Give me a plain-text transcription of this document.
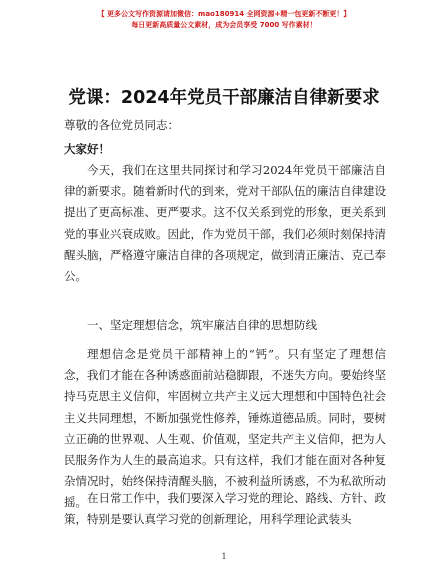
【 更多公文写作资源请加微信：mao180914 全网资源+精一包更新不断更！】
每日更新高质量公文素材，成为会员享受 7000 写作素材！
党课：2024年党员干部廉洁自律新要求
尊敬的各位党员同志：
大家好！

今天，我们在这里共同探讨和学习2024年党员干部廉洁自律的新要求。随着新时代的到来，党对干部队伍的廉洁自律建设提出了更高标准、更严要求。这不仅关系到党的形象，更关系到党的事业兴衰成败。因此，作为党员干部，我们必须时刻保持清醒头脑，严格遵守廉洁自律的各项规定，做到清正廉洁、克己奉公。

一、坚定理想信念，筑牢廉洁自律的思想防线

理想信念是党员干部精神上的“钙”。只有坚定了理想信念，我们才能在各种诱惑面前站稳脚跟，不迷失方向。要始终坚持马克思主义信仰，牢固树立共产主义远大理想和中国特色社会主义共同理想，不断加强党性修养，锤炼道德品质。同时，要树立正确的世界观、人生观、价值观，坚定共产主义信仰，把为人民服务作为人生的最高追求。只有这样，我们才能在面对各种复杂情况时，始终保持清醒头脑，不被利益所诱惑，不为私欲所动摇。 在日常工作中，我们要深入学习党的理论、路线、方针、政策，特别是要认真学习党的创新理论，用科学理论武装头

1
